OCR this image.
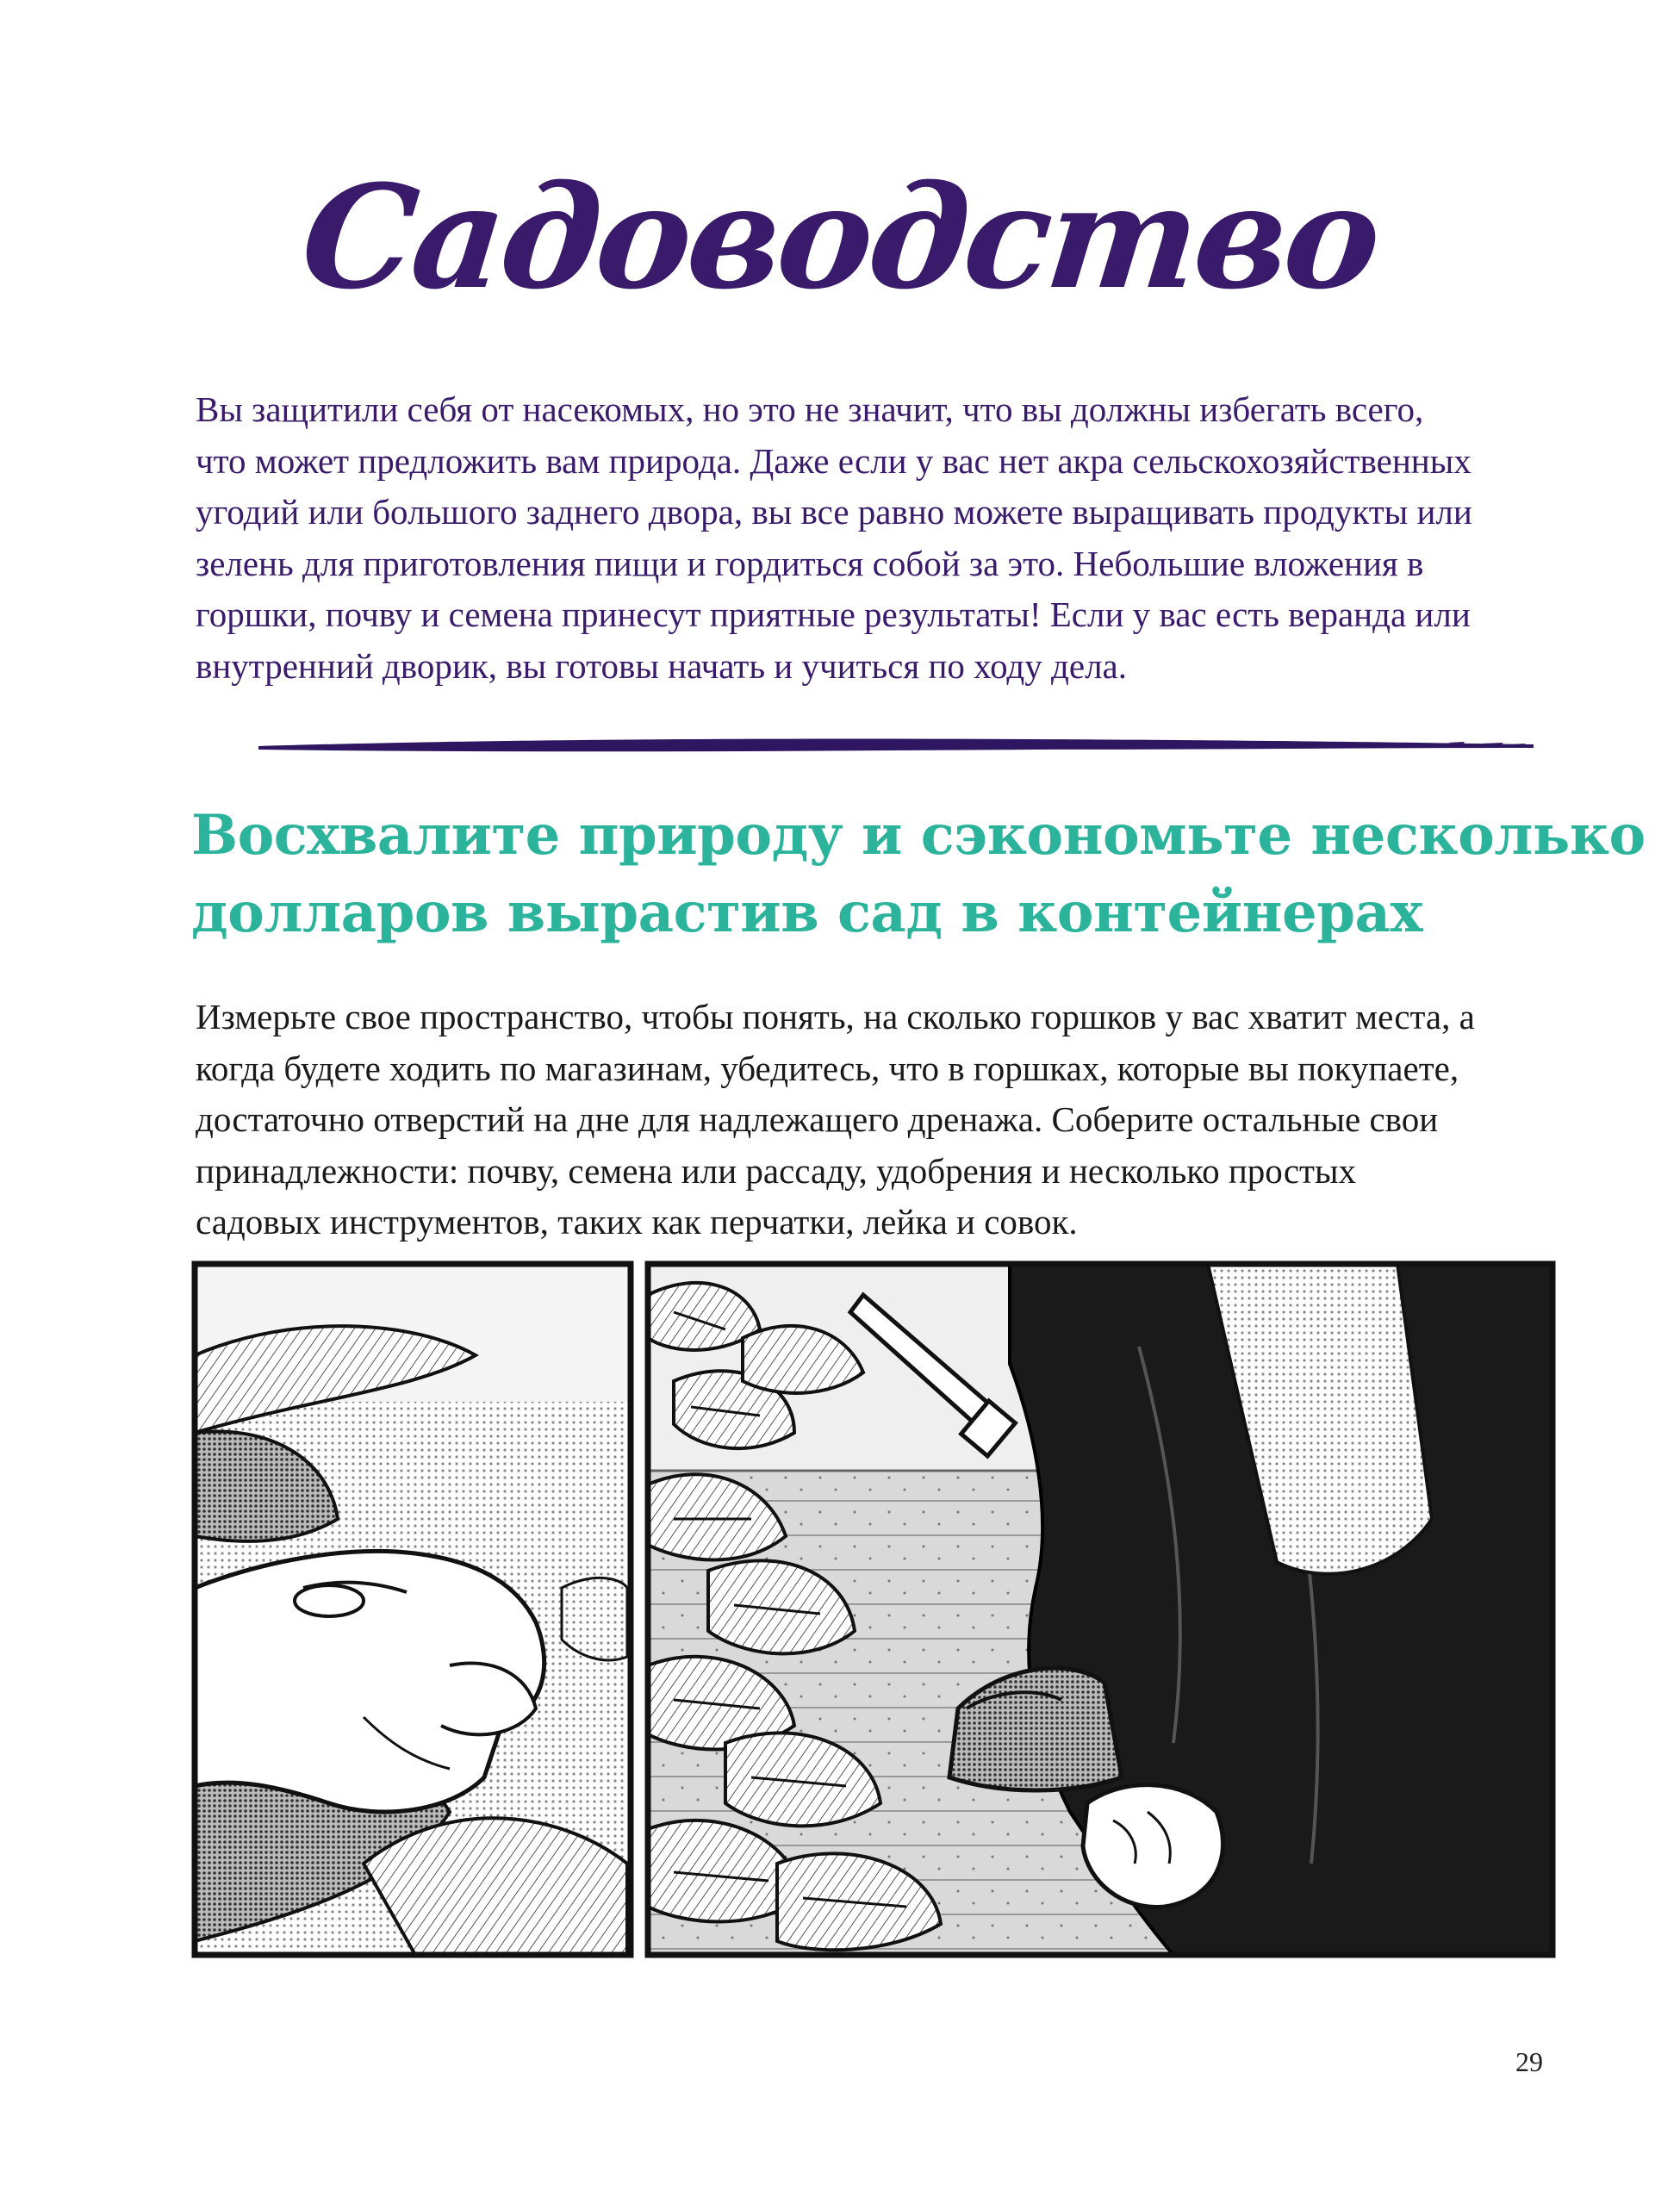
Садоводство
Вы защитили себя от насекомых, но это не значит, что вы должны избегать всего,
что может предложить вам природа. Даже если у вас нет акра сельскохозяйственных
угодий или большого заднего двора, вы все равно можете выращивать продукты или
зелень для приготовления пищи и гордиться собой за это. Небольшие вложения в
горшки, почву и семена принесут приятные результаты! Если у вас есть веранда или
внутренний дворик, вы готовы начать и учиться по ходу дела.
Восхвалите природу и сэкономьте несколько
долларов вырастив сад в контейнерах
Измерьте свое пространство, чтобы понять, на сколько горшков у вас хватит места, а
когда будете ходить по магазинам, убедитесь, что в горшках, которые вы покупаете,
достаточно отверстий на дне для надлежащего дренажа. Соберите остальные свои
принадлежности: почву, семена или рассаду, удобрения и несколько простых
садовых инструментов, таких как перчатки, лейка и совок.
29
